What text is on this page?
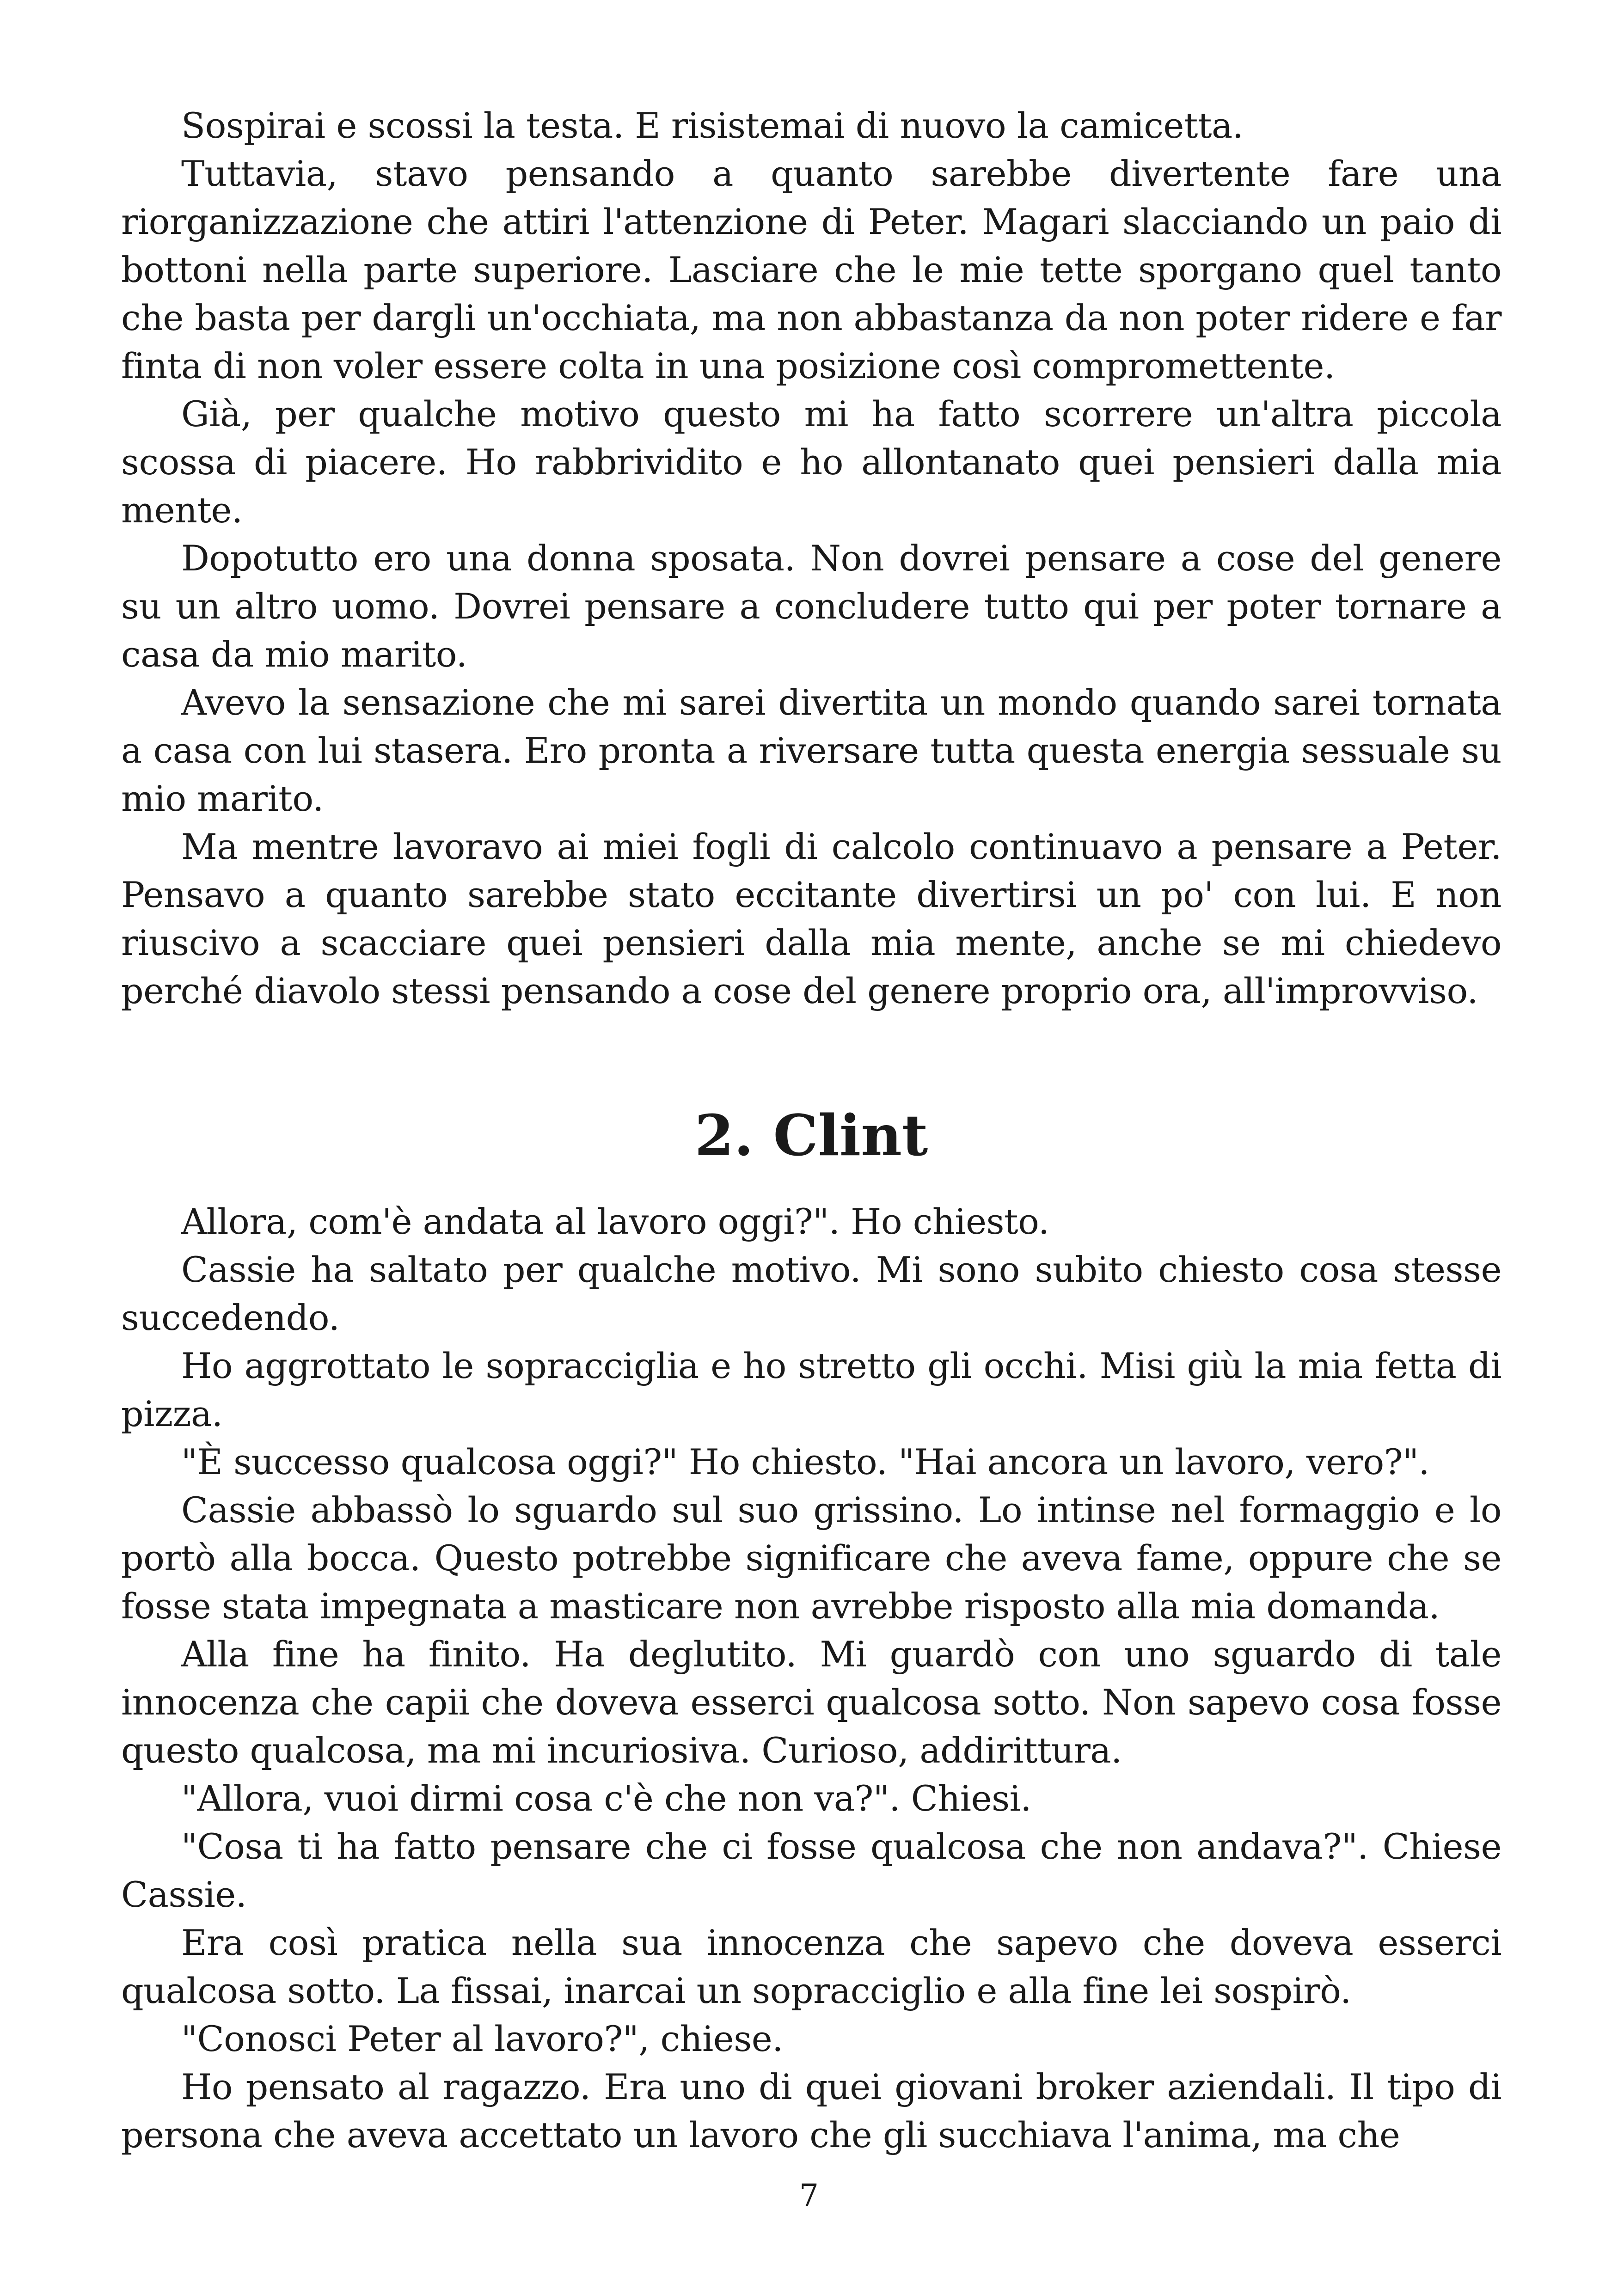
Sospirai e scossi la testa. E risistemai di nuovo la camicetta.

Tuttavia, stavo pensando a quanto sarebbe divertente fare una riorganizzazione che attiri l'attenzione di Peter. Magari slacciando un paio di bottoni nella parte superiore. Lasciare che le mie tette sporgano quel tanto che basta per dargli un'occhiata, ma non abbastanza da non poter ridere e far finta di non voler essere colta in una posizione così compromettente.

Già, per qualche motivo questo mi ha fatto scorrere un'altra piccola scossa di piacere. Ho rabbrividito e ho allontanato quei pensieri dalla mia mente.

Dopotutto ero una donna sposata. Non dovrei pensare a cose del genere su un altro uomo. Dovrei pensare a concludere tutto qui per poter tornare a casa da mio marito.

Avevo la sensazione che mi sarei divertita un mondo quando sarei tornata a casa con lui stasera. Ero pronta a riversare tutta questa energia sessuale su mio marito.

Ma mentre lavoravo ai miei fogli di calcolo continuavo a pensare a Peter. Pensavo a quanto sarebbe stato eccitante divertirsi un po' con lui. E non riuscivo a scacciare quei pensieri dalla mia mente, anche se mi chiedevo perché diavolo stessi pensando a cose del genere proprio ora, all'improvviso.

2. Clint

Allora, com'è andata al lavoro oggi?". Ho chiesto.

Cassie ha saltato per qualche motivo. Mi sono subito chiesto cosa stesse succedendo.

Ho aggrottato le sopracciglia e ho stretto gli occhi. Misi giù la mia fetta di pizza.

"È successo qualcosa oggi?" Ho chiesto. "Hai ancora un lavoro, vero?".

Cassie abbassò lo sguardo sul suo grissino. Lo intinse nel formaggio e lo portò alla bocca. Questo potrebbe significare che aveva fame, oppure che se fosse stata impegnata a masticare non avrebbe risposto alla mia domanda.

Alla fine ha finito. Ha deglutito. Mi guardò con uno sguardo di tale innocenza che capii che doveva esserci qualcosa sotto. Non sapevo cosa fosse questo qualcosa, ma mi incuriosiva. Curioso, addirittura.

"Allora, vuoi dirmi cosa c'è che non va?". Chiesi.

"Cosa ti ha fatto pensare che ci fosse qualcosa che non andava?". Chiese Cassie.

Era così pratica nella sua innocenza che sapevo che doveva esserci qualcosa sotto. La fissai, inarcai un sopracciglio e alla fine lei sospirò.

"Conosci Peter al lavoro?", chiese.

Ho pensato al ragazzo. Era uno di quei giovani broker aziendali. Il tipo di persona che aveva accettato un lavoro che gli succhiava l'anima, ma che

7
